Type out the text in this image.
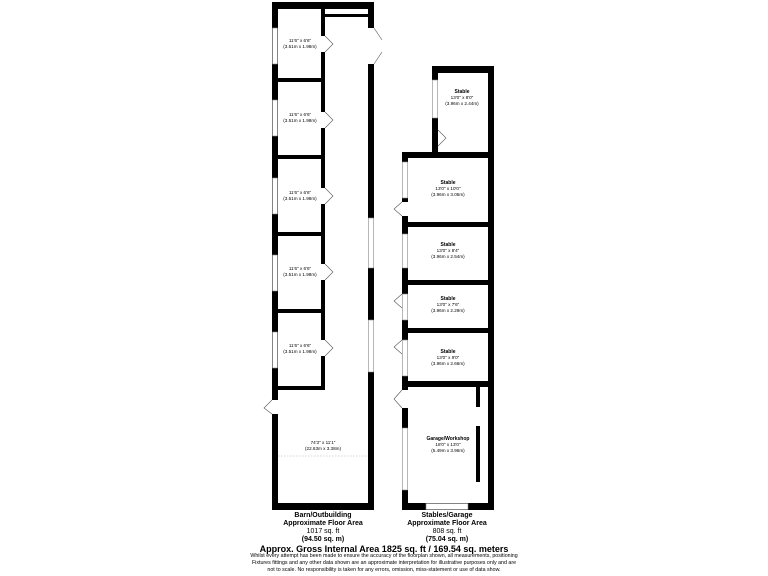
11'6" x 6'6"
(3.51m x 1.98m)
11'6" x 6'6"
(3.51m x 1.98m)
11'6" x 6'6"
(3.51m x 1.98m)
11'6" x 6'6"
(3.51m x 1.98m)
11'6" x 6'6"
(3.51m x 1.98m)
74'3" x 11'1"
(22.63m x 3.38m)
Stable
13'0" x 8'0"
(3.96m x 2.44m)
Stable
13'0" x 10'0"
(3.96m x 3.05m)
Stable
13'0" x 8'4"
(3.96m x 2.54m)
Stable
13'0" x 7'6"
(3.96m x 2.29m)
Stable
13'0" x 9'0"
(3.96m x 2.66m)
Garage/Workshop
18'0" x 13'0"
(5.49m x 3.96m)
Barn/Outbuilding
Approximate Floor Area
1017 sq. ft
(94.50 sq. m)
Stables/Garage
Approximate Floor Area
808 sq. ft
(75.04 sq. m)
Approx. Gross Internal Area 1825 sq. ft / 169.54 sq. meters
Whilst every attempt has been made to ensure the accuracy of the floorplan shown, all measurements, positioning
Fixtures fittings and any other data shown are an approximate interpretation for illustrative purposes only and are
not to scale. No responsibility is taken for any errors, omission, miss-statement or use of data show.
